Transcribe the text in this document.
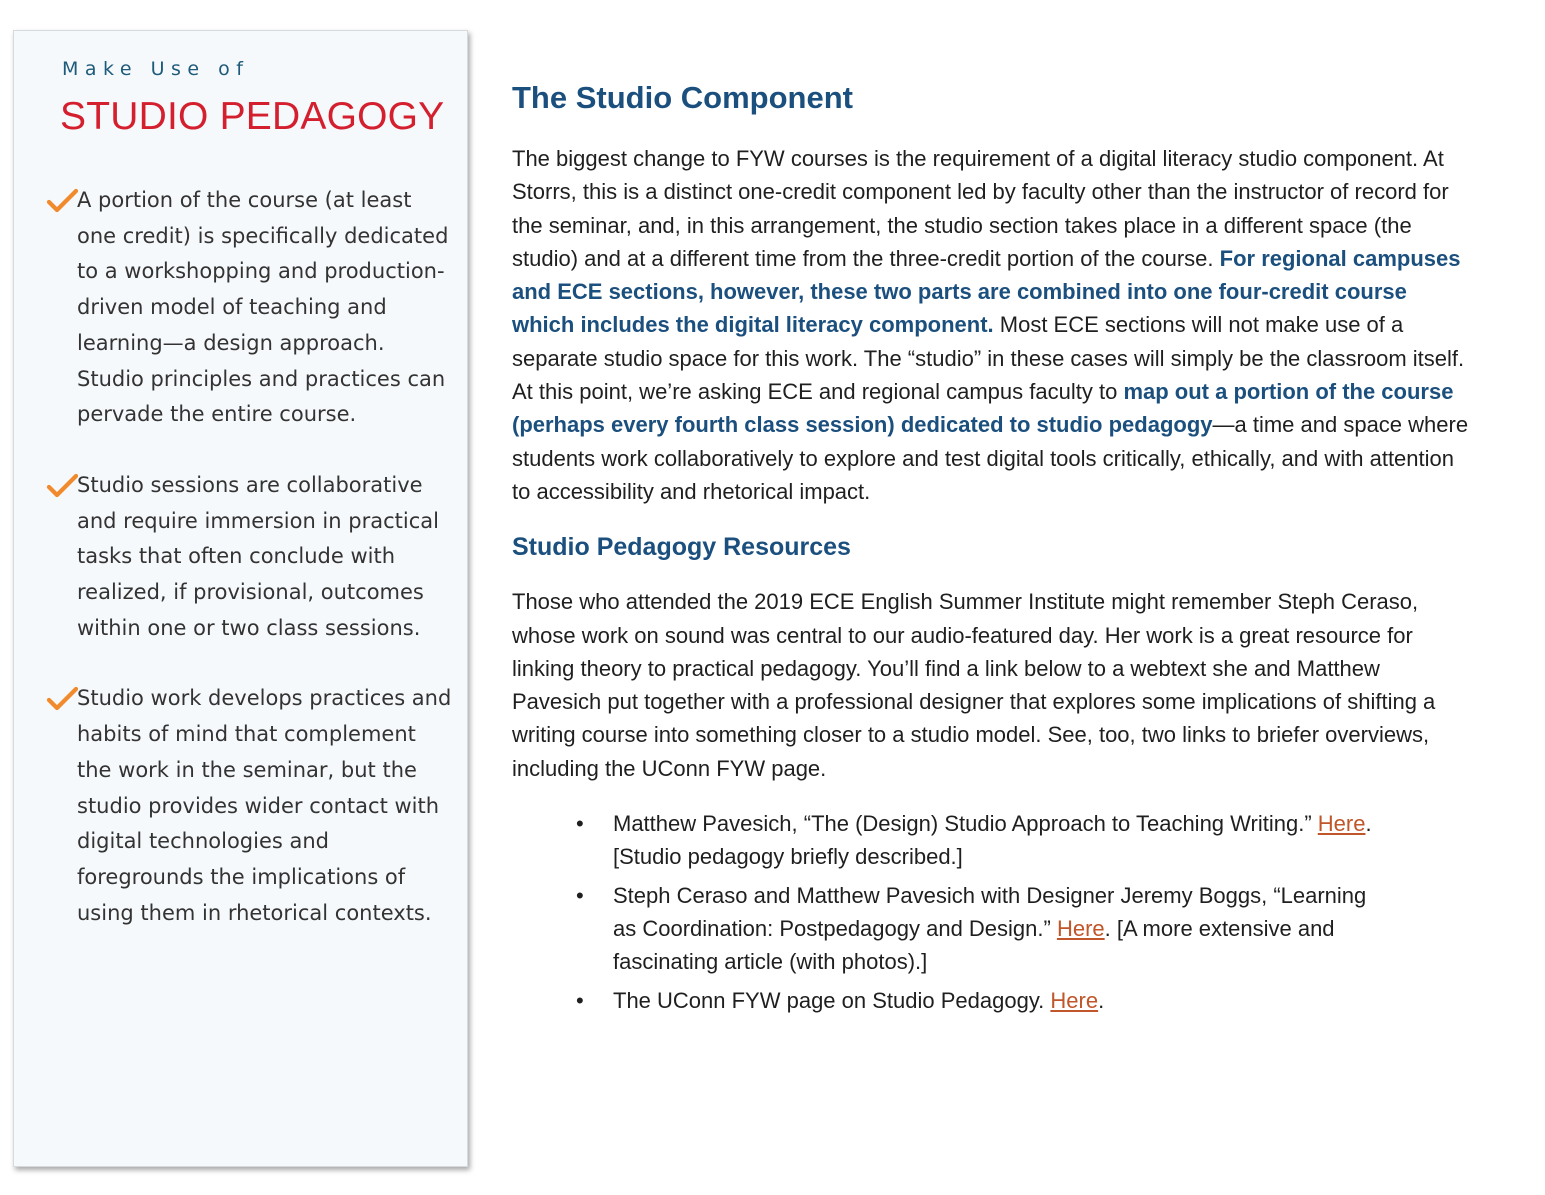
Make Use of
STUDIO PEDAGOGY
A portion of the course (at least one credit) is specifically dedicated to a workshopping and production-driven model of teaching and learning—a design approach. Studio principles and practices can pervade the entire course.
Studio sessions are collaborative and require immersion in practical tasks that often conclude with realized, if provisional, outcomes within one or two class sessions.
Studio work develops practices and habits of mind that complement the work in the seminar, but the studio provides wider contact with digital technologies and foregrounds the implications of using them in rhetorical contexts.
The Studio Component

The biggest change to FYW courses is the requirement of a digital literacy studio component. At Storrs, this is a distinct one-credit component led by faculty other than the instructor of record for the seminar, and, in this arrangement, the studio section takes place in a different space (the studio) and at a different time from the three-credit portion of the course. For regional campuses and ECE sections, however, these two parts are combined into one four-credit course which includes the digital literacy component. Most ECE sections will not make use of a separate studio space for this work. The “studio” in these cases will simply be the classroom itself. At this point, we’re asking ECE and regional campus faculty to map out a portion of the course (perhaps every fourth class session) dedicated to studio pedagogy—a time and space where students work collaboratively to explore and test digital tools critically, ethically, and with attention to accessibility and rhetorical impact.

Studio Pedagogy Resources

Those who attended the 2019 ECE English Summer Institute might remember Steph Ceraso, whose work on sound was central to our audio-featured day. Her work is a great resource for linking theory to practical pedagogy. You’ll find a link below to a webtext she and Matthew Pavesich put together with a professional designer that explores some implications of shifting a writing course into something closer to a studio model. See, too, two links to briefer overviews, including the UConn FYW page.

• Matthew Pavesich, “The (Design) Studio Approach to Teaching Writing.” Here. [Studio pedagogy briefly described.]
• Steph Ceraso and Matthew Pavesich with Designer Jeremy Boggs, “Learning as Coordination: Postpedagogy and Design.” Here. [A more extensive and fascinating article (with photos).]
• The UConn FYW page on Studio Pedagogy. Here.
